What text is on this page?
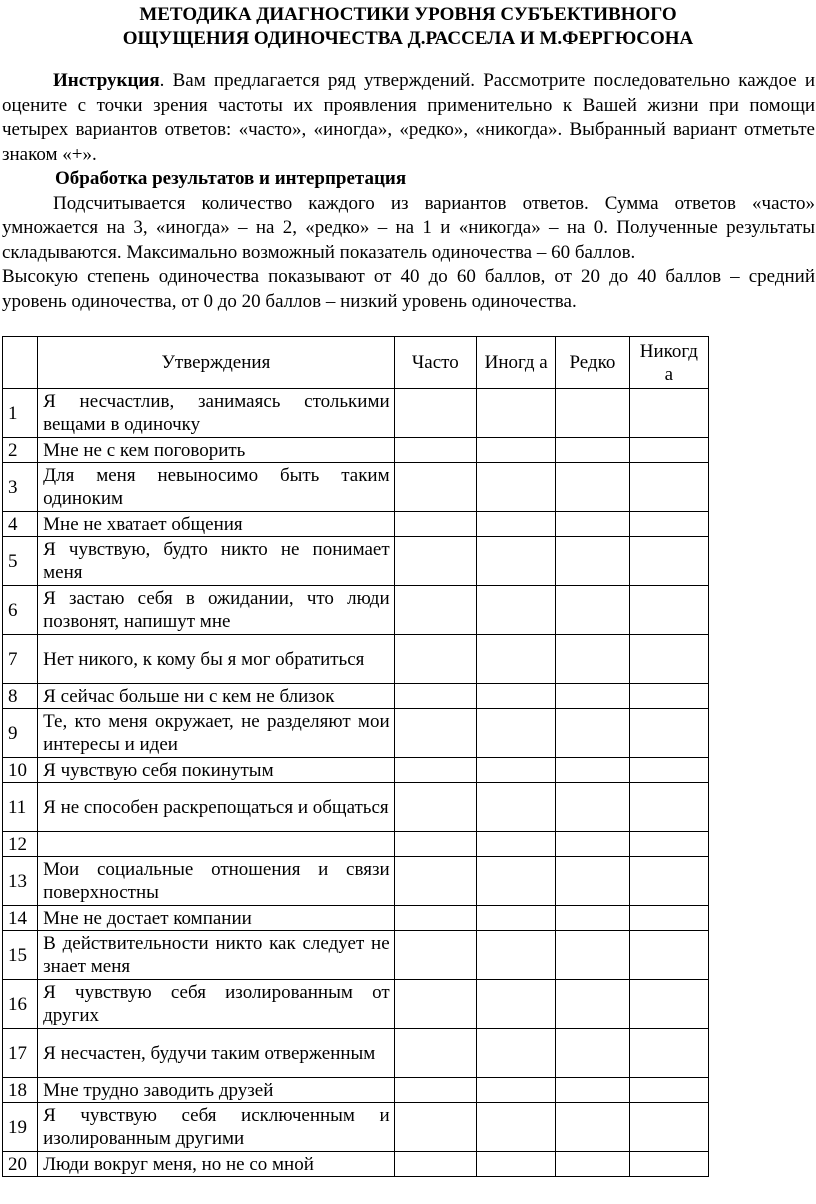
МЕТОДИКА ДИАГНОСТИКИ УРОВНЯ СУБЪЕКТИВНОГО
ОЩУЩЕНИЯ ОДИНОЧЕСТВА Д.РАССЕЛА И М.ФЕРГЮСОНА

Инструкция. Вам предлагается ряд утверждений. Рассмотрите последовательно каждое и оцените с точки зрения частоты их проявления применительно к Вашей жизни при помощи четырех вариантов ответов: «часто», «иногда», «редко», «никогда». Выбранный вариант отметьте знаком «+».

Обработка результатов и интерпретация

Подсчитывается количество каждого из вариантов ответов. Сумма ответов «часто» умножается на 3, «иногда» – на 2, «редко» – на 1 и «никогда» – на 0. Полученные результаты складываются. Максимально возможный показатель одиночества – 60 баллов.

Высокую степень одиночества показывают от 40 до 60 баллов, от 20 до 40 баллов – средний уровень одиночества, от 0 до 20 баллов – низкий уровень одиночества.

	Утверждения	Часто	Иногд а	Редко	Никогд а
1	Я несчастлив, занимаясь столькими вещами в одиночку				
2	Мне не с кем поговорить				
3	Для меня невыносимо быть таким одиноким				
4	Мне не хватает общения				
5	Я чувствую, будто никто не понимает меня				
6	Я застаю себя в ожидании, что люди позвонят, напишут мне				
7	Нет никого, к кому бы я мог обратиться				
8	Я сейчас больше ни с кем не близок				
9	Те, кто меня окружает, не разделяют мои интересы и идеи				
10	Я чувствую себя покинутым				
11	Я не способен раскрепощаться и общаться				
12					
13	Мои социальные отношения и связи поверхностны				
14	Мне не достает компании				
15	В действительности никто как следует не знает меня				
16	Я чувствую себя изолированным от других				
17	Я несчастен, будучи таким отверженным				
18	Мне трудно заводить друзей				
19	Я чувствую себя исключенным и изолированным другими				
20	Люди вокруг меня, но не со мной				
